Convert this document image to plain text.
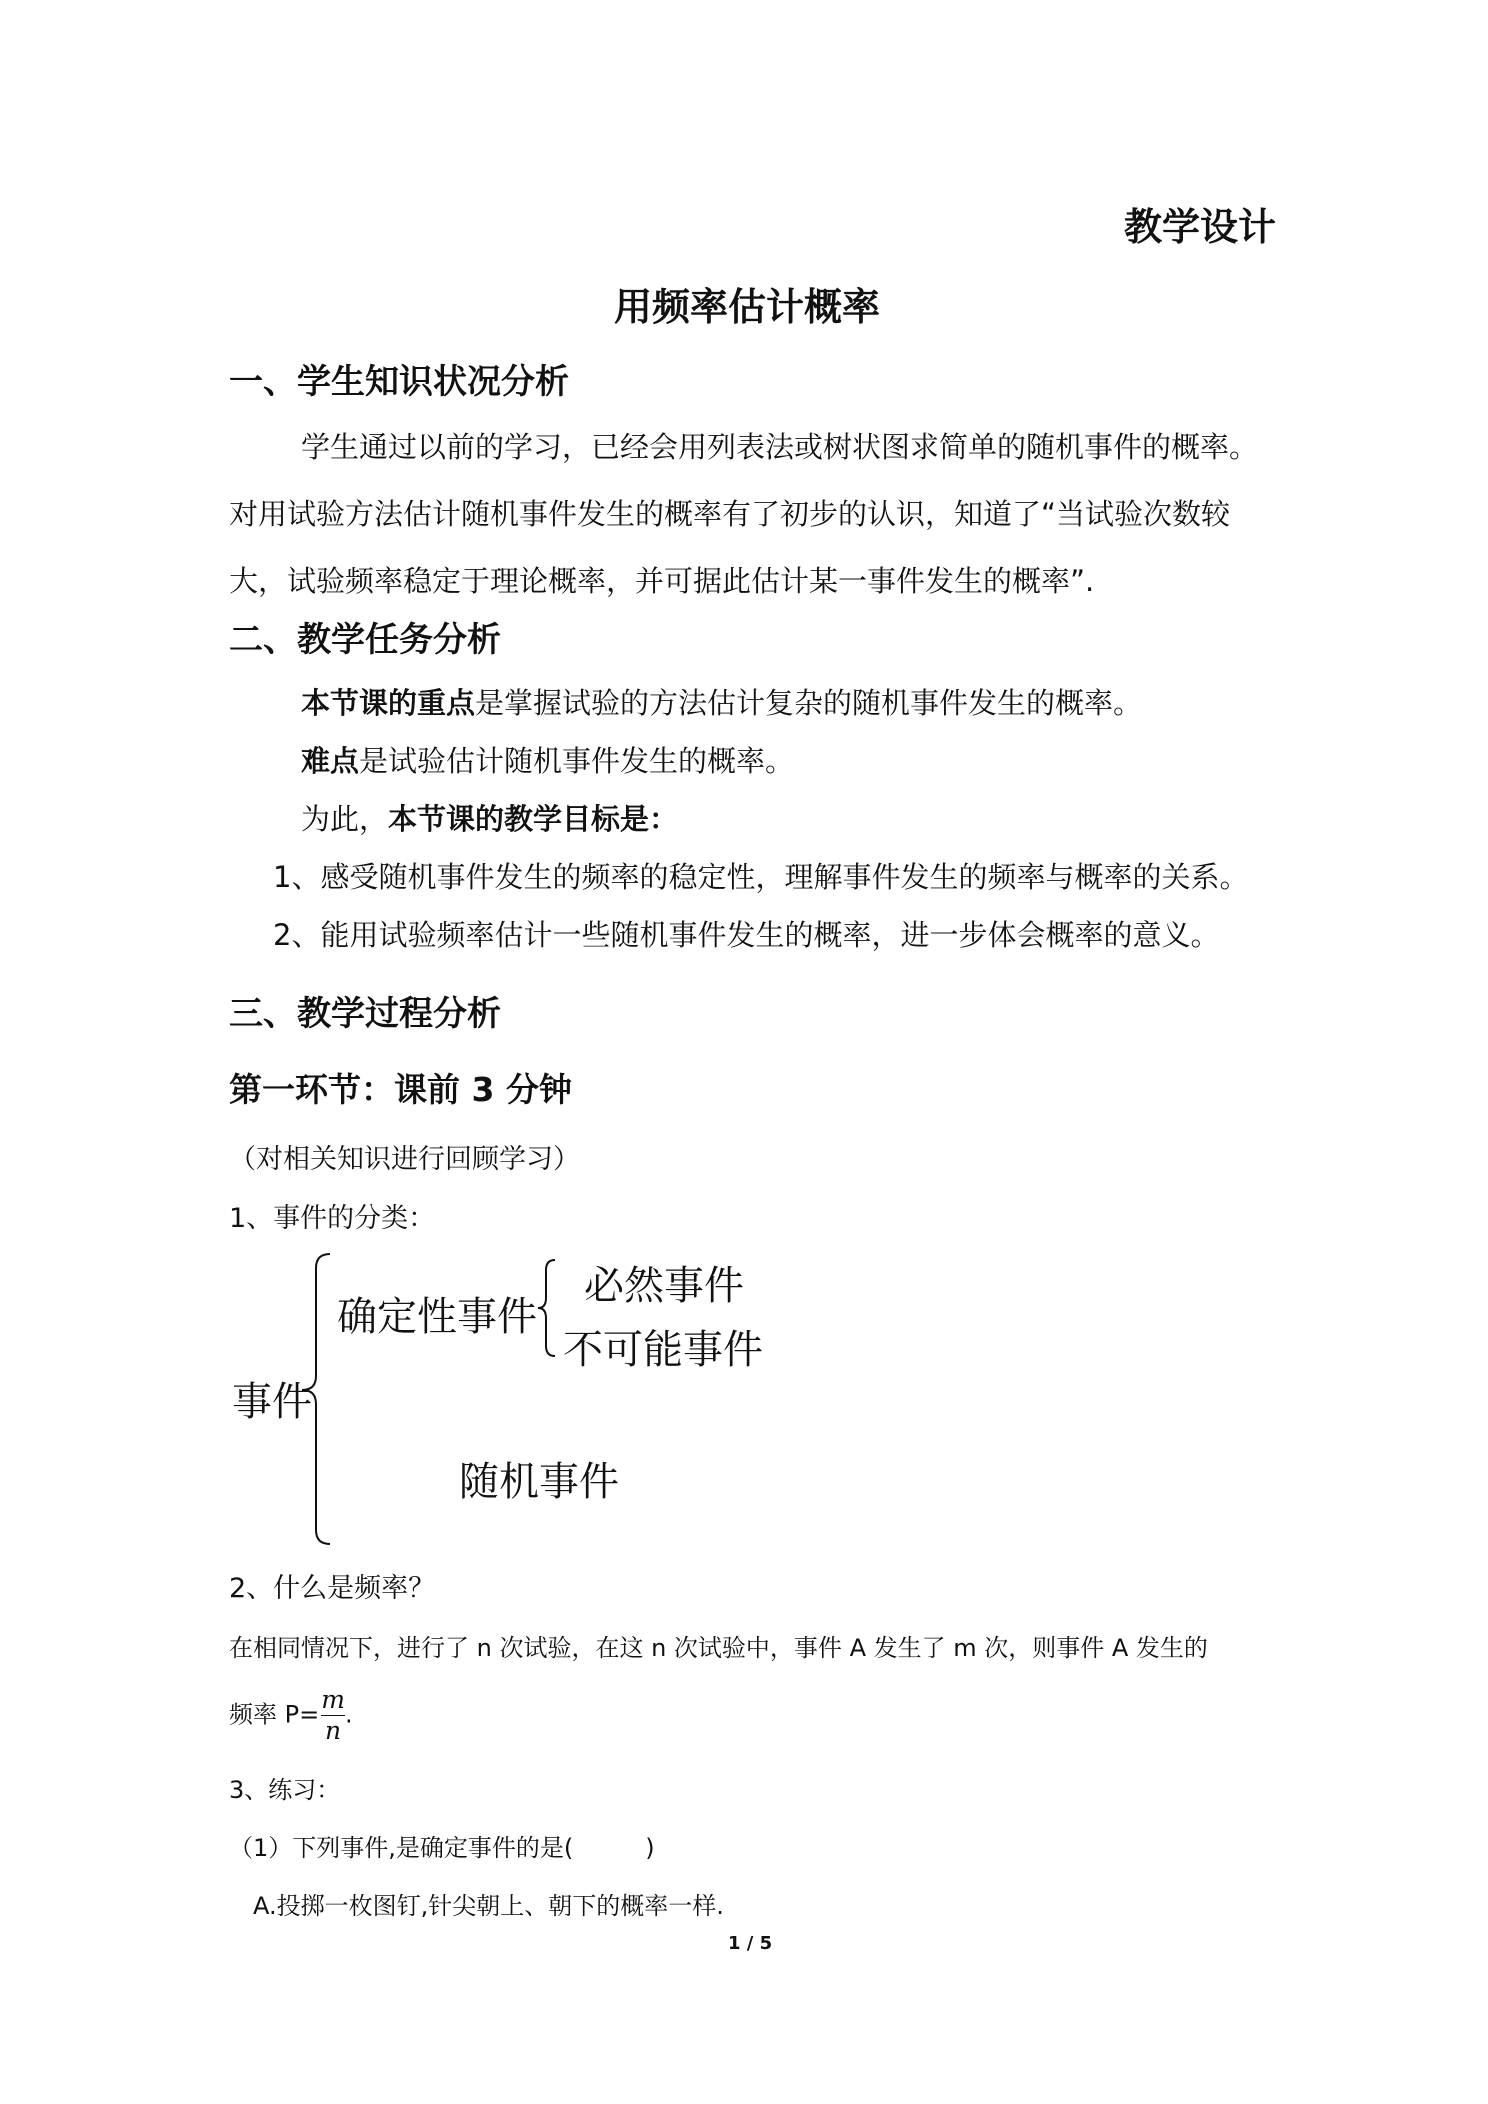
教学设计
用频率估计概率
一、学生知识状况分析
学生通过以前的学习，已经会用列表法或树状图求简单的随机事件的概率。
对用试验方法估计随机事件发生的概率有了初步的认识，知道了“当试验次数较
大，试验频率稳定于理论概率，并可据此估计某一事件发生的概率”.
二、教学任务分析
本节课的重点是掌握试验的方法估计复杂的随机事件发生的概率。
难点是试验估计随机事件发生的概率。
为此，本节课的教学目标是：
1、感受随机事件发生的频率的稳定性，理解事件发生的频率与概率的关系。
2、能用试验频率估计一些随机事件发生的概率，进一步体会概率的意义。
三、教学过程分析
第一环节：课前 3 分钟
（对相关知识进行回顾学习）
1、事件的分类：
事件
确定性事件
必然事件
不可能事件
随机事件
2、什么是频率？
在相同情况下，进行了 n 次试验，在这 n 次试验中，事件 A 发生了 m 次，则事件 A 发生的
频率 $P= \frac{m}{n}$ .
3、练习：
（1）下列事件,是确定事件的是(　　　)
A.投掷一枚图钉,针尖朝上、朝下的概率一样.
1 / 5
